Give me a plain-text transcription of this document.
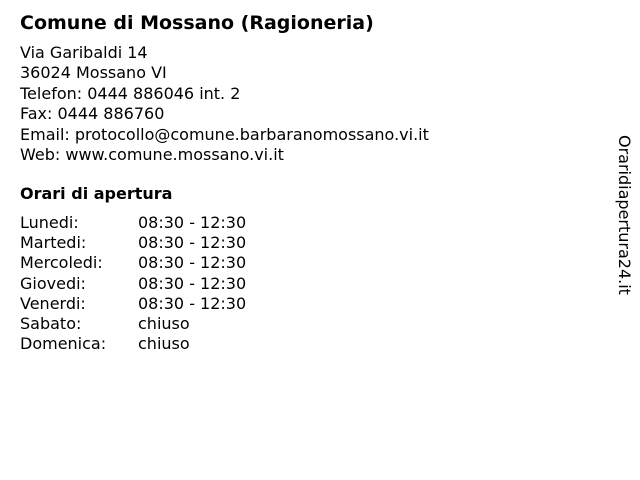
Comune di Mossano (Ragioneria)
Via Garibaldi 14
36024 Mossano VI
Telefon: 0444 886046 int. 2
Fax: 0444 886760
Email: protocollo@comune.barbaranomossano.vi.it
Web: www.comune.mossano.vi.it
Orari di apertura
Lunedi:	08:30 - 12:30
Martedi:	08:30 - 12:30
Mercoledi: 08:30 - 12:30
Giovedi:	08:30 - 12:30
Venerdi:	08:30 - 12:30
Sabato:	chiuso
Domenica: chiuso
Oraridiapertura24.it
